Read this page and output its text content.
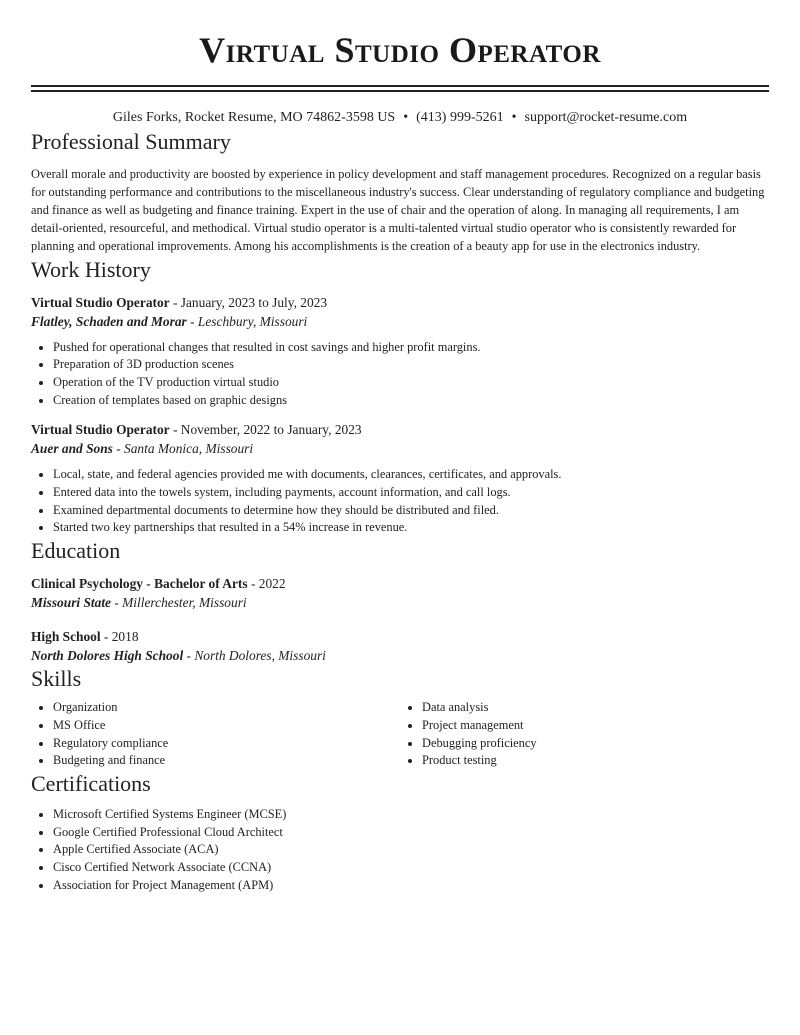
Virtual Studio Operator
Giles Forks, Rocket Resume, MO 74862-3598 US • (413) 999-5261 • support@rocket-resume.com
Professional Summary

Overall morale and productivity are boosted by experience in policy development and staff management procedures. Recognized on a regular basis for outstanding performance and contributions to the miscellaneous industry's success. Clear understanding of regulatory compliance and budgeting and finance as well as budgeting and finance training. Expert in the use of chair and the operation of along. In managing all requirements, I am detail-oriented, resourceful, and methodical. Virtual studio operator is a multi-talented virtual studio operator who is consistently rewarded for planning and operational improvements. Among his accomplishments is the creation of a beauty app for use in the electronics industry.

Work History
Virtual Studio Operator - January, 2023 to July, 2023
Flatley, Schaden and Morar - Leschbury, Missouri
• Pushed for operational changes that resulted in cost savings and higher profit margins.
• Preparation of 3D production scenes
• Operation of the TV production virtual studio
• Creation of templates based on graphic designs
Virtual Studio Operator - November, 2022 to January, 2023
Auer and Sons - Santa Monica, Missouri
• Local, state, and federal agencies provided me with documents, clearances, certificates, and approvals.
• Entered data into the towels system, including payments, account information, and call logs.
• Examined departmental documents to determine how they should be distributed and filed.
• Started two key partnerships that resulted in a 54% increase in revenue.
Education
Clinical Psychology - Bachelor of Arts - 2022
Missouri State - Millerchester, Missouri
High School - 2018
North Dolores High School - North Dolores, Missouri
Skills
• Organization
• MS Office
• Regulatory compliance
• Budgeting and finance
• Data analysis
• Project management
• Debugging proficiency
• Product testing
Certifications
• Microsoft Certified Systems Engineer (MCSE)
• Google Certified Professional Cloud Architect
• Apple Certified Associate (ACA)
• Cisco Certified Network Associate (CCNA)
• Association for Project Management (APM)
